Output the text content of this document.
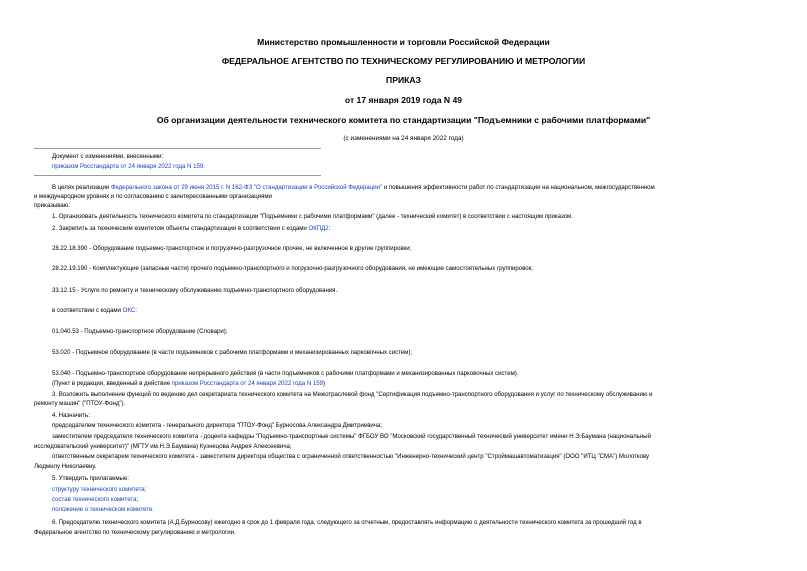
Министерство промышленности и торговли Российской Федерации
ФЕДЕРАЛЬНОЕ АГЕНТСТВО ПО ТЕХНИЧЕСКОМУ РЕГУЛИРОВАНИЮ И МЕТРОЛОГИИ
ПРИКАЗ
от 17 января 2019 года N 49
Об организации деятельности технического комитета по стандартизации "Подъемники с рабочими платформами"
(с изменениями на 24 января 2022 года)
Документ с изменениями, внесенными:
приказом Росстандарта от 24 января 2022 года N 159.
В целях реализации Федерального закона от 29 июня 2015 г. N 162-ФЗ "О стандартизации в Российской Федерации" и повышения эффективности работ по стандартизации на национальном, межгосударственном
и международном уровнях и по согласованию с заинтересованными организациями
приказываю:
1. Организовать деятельность технического комитета по стандартизации "Подъемники с рабочими платформами" (далее - технический комитет) в соответствии с настоящим приказом.
2. Закрепить за техническим комитетом объекты стандартизации в соответствии с кодами ОКПД2:
28.22.18.390 - Оборудование подъемно-транспортное и погрузочно-разгрузочное прочее, не включенное в другие группировки;
28.22.19.190 - Комплектующие (запасные части) прочего подъемно-транспортного и погрузочно-разгрузочного оборудования, не имеющие самостоятельных группировок;
33.12.15 - Услуги по ремонту и техническому обслуживанию подъемно-транспортного оборудования.
в соответствии с кодами ОКС:
01.040.53 - Подъемно-транспортное оборудование (Словари);
53.020 - Подъемное оборудование (в части подъемников с рабочими платформами и механизированных парковочных систем);
53.040 - Подъемно-транспортное оборудование непрерывного действия (в части подъемников с рабочими платформами и механизированных парковочных систем).
(Пункт в редакции, введенный в действие приказом Росстандарта от 24 января 2022 года N 159)
3. Возложить выполнение функций по ведению дел секретариата технического комитета на Межотраслевой фонд "Сертификация подъемно-транспортного оборудования и услуг по техническому обслуживанию и
ремонту машин" ("ПТОУ-Фонд").
4. Назначить:
председателем технического комитета - генерального директора "ПТОУ-Фонд" Бурносова Александра Дмитриевича;
заместителем председателя технического комитета - доцента кафедры "Подъемно-транспортные системы" ФГБОУ ВО "Московский государственный технический университет имени Н.Э.Баумана (национальный
исследовательский университет)" (МГТУ им.Н.Э.Баумана) Кузнецова Андрея Алексеевича;
ответственным секретарем технического комитета - заместителя директора общества с ограниченной ответственностью "Инженерно-технический центр "Строймашавтоматизация" (ООО "ИТЦ "СМА") Молоткову
Людмилу Николаевну.
5. Утвердить прилагаемые:
структуру технического комитета;
состав технического комитета;
положение о техническом комитете.
6. Председателю технического комитета (А.Д.Бурносову) ежегодно в срок до 1 февраля года, следующего за отчетным, предоставлять информацию о деятельности технического комитета за прошедший год в
Федеральное агентство по техническому регулированию и метрологии.
